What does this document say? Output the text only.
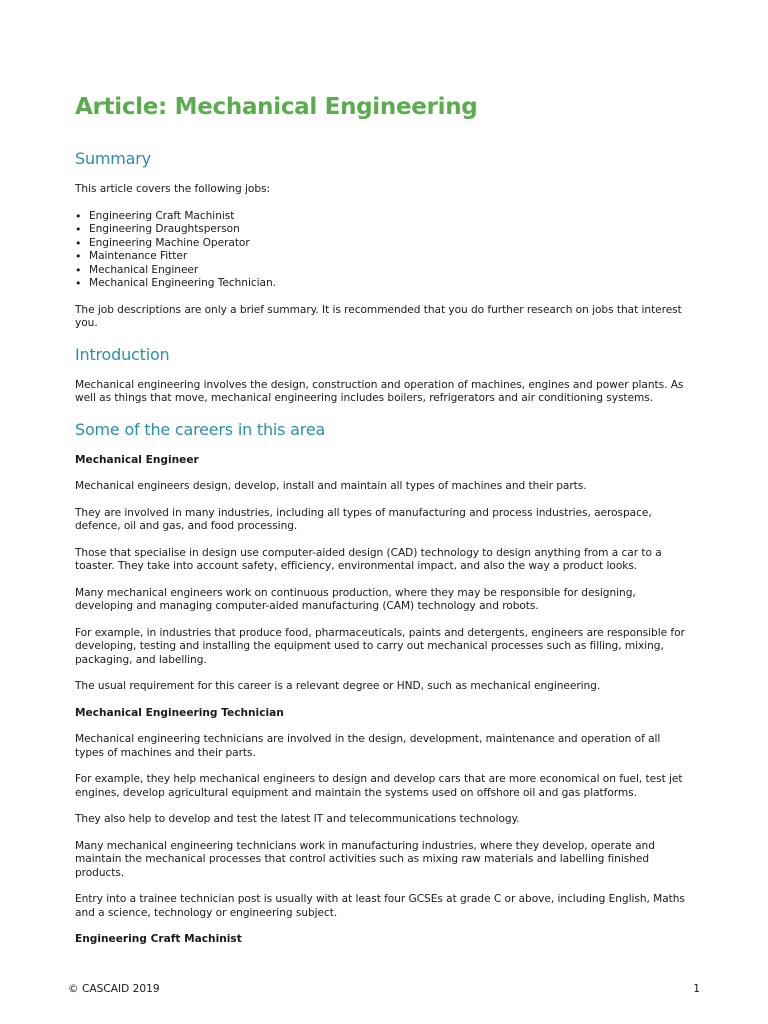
Article: Mechanical Engineering
Summary

This article covers the following jobs:

• Engineering Craft Machinist
• Engineering Draughtsperson
• Engineering Machine Operator
• Maintenance Fitter
• Mechanical Engineer
• Mechanical Engineering Technician.

The job descriptions are only a brief summary. It is recommended that you do further research on jobs that interest you.

Introduction

Mechanical engineering involves the design, construction and operation of machines, engines and power plants. As well as things that move, mechanical engineering includes boilers, refrigerators and air conditioning systems.

Some of the careers in this area
Mechanical Engineer

Mechanical engineers design, develop, install and maintain all types of machines and their parts.

They are involved in many industries, including all types of manufacturing and process industries, aerospace, defence, oil and gas, and food processing.

Those that specialise in design use computer-aided design (CAD) technology to design anything from a car to a toaster. They take into account safety, efficiency, environmental impact, and also the way a product looks.

Many mechanical engineers work on continuous production, where they may be responsible for designing, developing and managing computer-aided manufacturing (CAM) technology and robots.

For example, in industries that produce food, pharmaceuticals, paints and detergents, engineers are responsible for developing, testing and installing the equipment used to carry out mechanical processes such as filling, mixing, packaging, and labelling.

The usual requirement for this career is a relevant degree or HND, such as mechanical engineering.

Mechanical Engineering Technician

Mechanical engineering technicians are involved in the design, development, maintenance and operation of all types of machines and their parts.

For example, they help mechanical engineers to design and develop cars that are more economical on fuel, test jet engines, develop agricultural equipment and maintain the systems used on offshore oil and gas platforms.

They also help to develop and test the latest IT and telecommunications technology.

Many mechanical engineering technicians work in manufacturing industries, where they develop, operate and maintain the mechanical processes that control activities such as mixing raw materials and labelling finished products.

Entry into a trainee technician post is usually with at least four GCSEs at grade C or above, including English, Maths and a science, technology or engineering subject.

Engineering Craft Machinist
© CASCAID 2019	1
